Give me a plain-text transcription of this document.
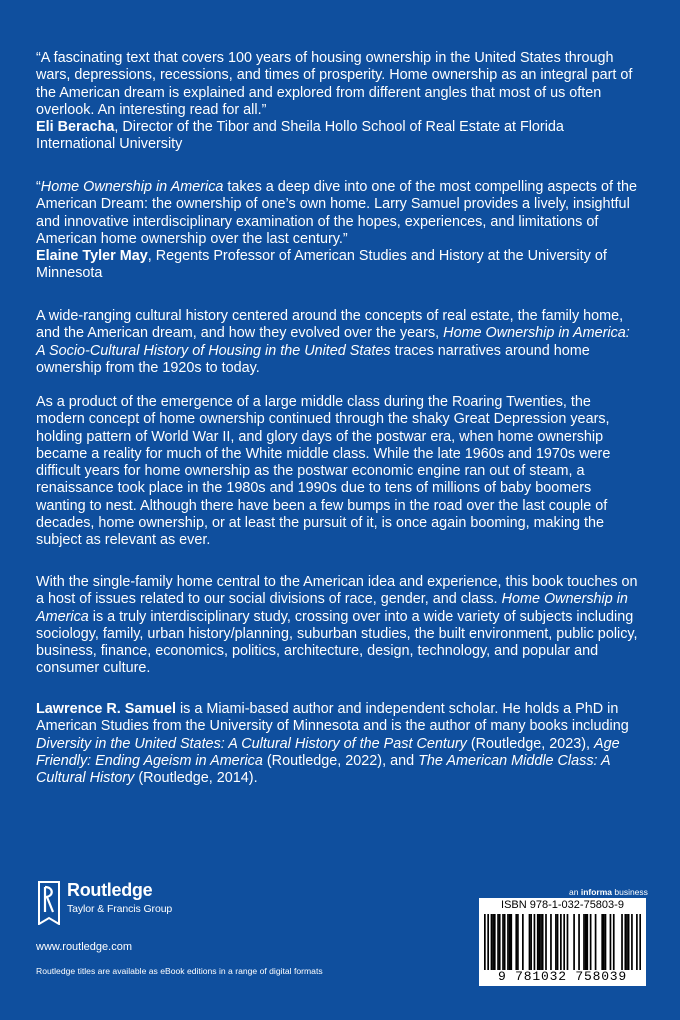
“A fascinating text that covers 100 years of housing ownership in the United States through wars, depressions, recessions, and times of prosperity. Home ownership as an integral part of the American dream is explained and explored from different angles that most of us often overlook. An interesting read for all.”

Eli Beracha, Director of the Tibor and Sheila Hollo School of Real Estate at Florida International University

“Home Ownership in America takes a deep dive into one of the most compelling aspects of the American Dream: the ownership of one’s own home. Larry Samuel provides a lively, insightful and innovative interdisciplinary examination of the hopes, experiences, and limitations of American home ownership over the last century.”

Elaine Tyler May, Regents Professor of American Studies and History at the University of Minnesota

A wide-ranging cultural history centered around the concepts of real estate, the family home, and the American dream, and how they evolved over the years, Home Ownership in America: A Socio-Cultural History of Housing in the United States traces narratives around home ownership from the 1920s to today.

As a product of the emergence of a large middle class during the Roaring Twenties, the modern concept of home ownership continued through the shaky Great Depression years, holding pattern of World War II, and glory days of the postwar era, when home ownership became a reality for much of the White middle class. While the late 1960s and 1970s were difficult years for home ownership as the postwar economic engine ran out of steam, a renaissance took place in the 1980s and 1990s due to tens of millions of baby boomers wanting to nest. Although there have been a few bumps in the road over the last couple of decades, home ownership, or at least the pursuit of it, is once again booming, making the subject as relevant as ever.

With the single-family home central to the American idea and experience, this book touches on a host of issues related to our social divisions of race, gender, and class. Home Ownership in America is a truly interdisciplinary study, crossing over into a wide variety of subjects including sociology, family, urban history/planning, suburban studies, the built environment, public policy, business, finance, economics, politics, architecture, design, technology, and popular and consumer culture.

Lawrence R. Samuel is a Miami-based author and independent scholar. He holds a PhD in American Studies from the University of Minnesota and is the author of many books including Diversity in the United States: A Cultural History of the Past Century (Routledge, 2023), Age Friendly: Ending Ageism in America (Routledge, 2022), and The American Middle Class: A Cultural History (Routledge, 2014).

Routledge
Taylor & Francis Group
www.routledge.com
Routledge titles are available as eBook editions in a range of digital formats
an informa business
ISBN 978-1-032-75803-9
9 781032 758039
